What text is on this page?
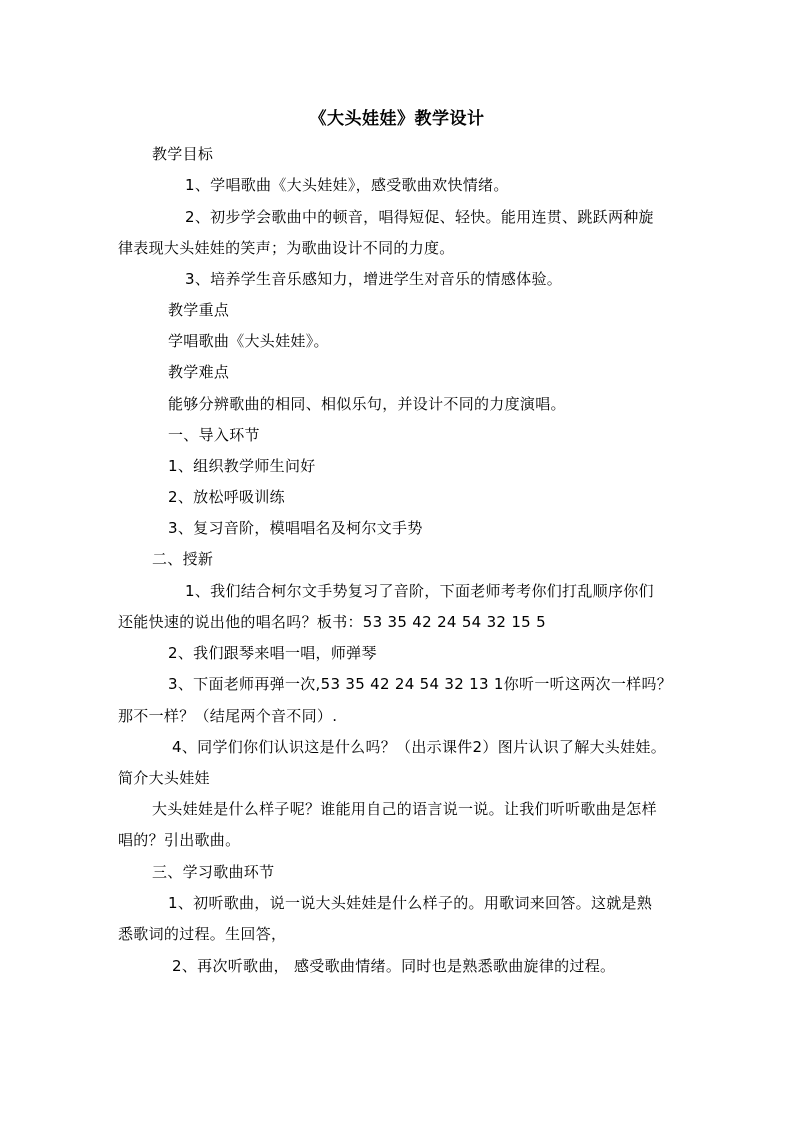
《大头娃娃》教学设计
教学目标
1、学唱歌曲《大头娃娃》，感受歌曲欢快情绪。
2、初步学会歌曲中的顿音，唱得短促、轻快。能用连贯、跳跃两种旋
律表现大头娃娃的笑声；为歌曲设计不同的力度。
3、培养学生音乐感知力，增进学生对音乐的情感体验。
教学重点
学唱歌曲《大头娃娃》。
教学难点
能够分辨歌曲的相同、相似乐句，并设计不同的力度演唱。
一、导入环节
1、组织教学师生问好
2、放松呼吸训练
3、复习音阶，模唱唱名及柯尔文手势
二、授新
1、我们结合柯尔文手势复习了音阶，下面老师考考你们打乱顺序你们
还能快速的说出他的唱名吗？板书：53 35 42 24 54 32 15 5
2、我们跟琴来唱一唱，师弹琴
3、下面老师再弹一次,53 35 42 24 54 32 13 1你听一听这两次一样吗？
那不一样？（结尾两个音不同）.
4、同学们你们认识这是什么吗？（出示课件2）图片认识了解大头娃娃。
简介大头娃娃
大头娃娃是什么样子呢？谁能用自己的语言说一说。让我们听听歌曲是怎样
唱的？引出歌曲。
三、学习歌曲环节
1、初听歌曲，说一说大头娃娃是什么样子的。用歌词来回答。这就是熟
悉歌词的过程。生回答，
2、再次听歌曲， 感受歌曲情绪。同时也是熟悉歌曲旋律的过程。
